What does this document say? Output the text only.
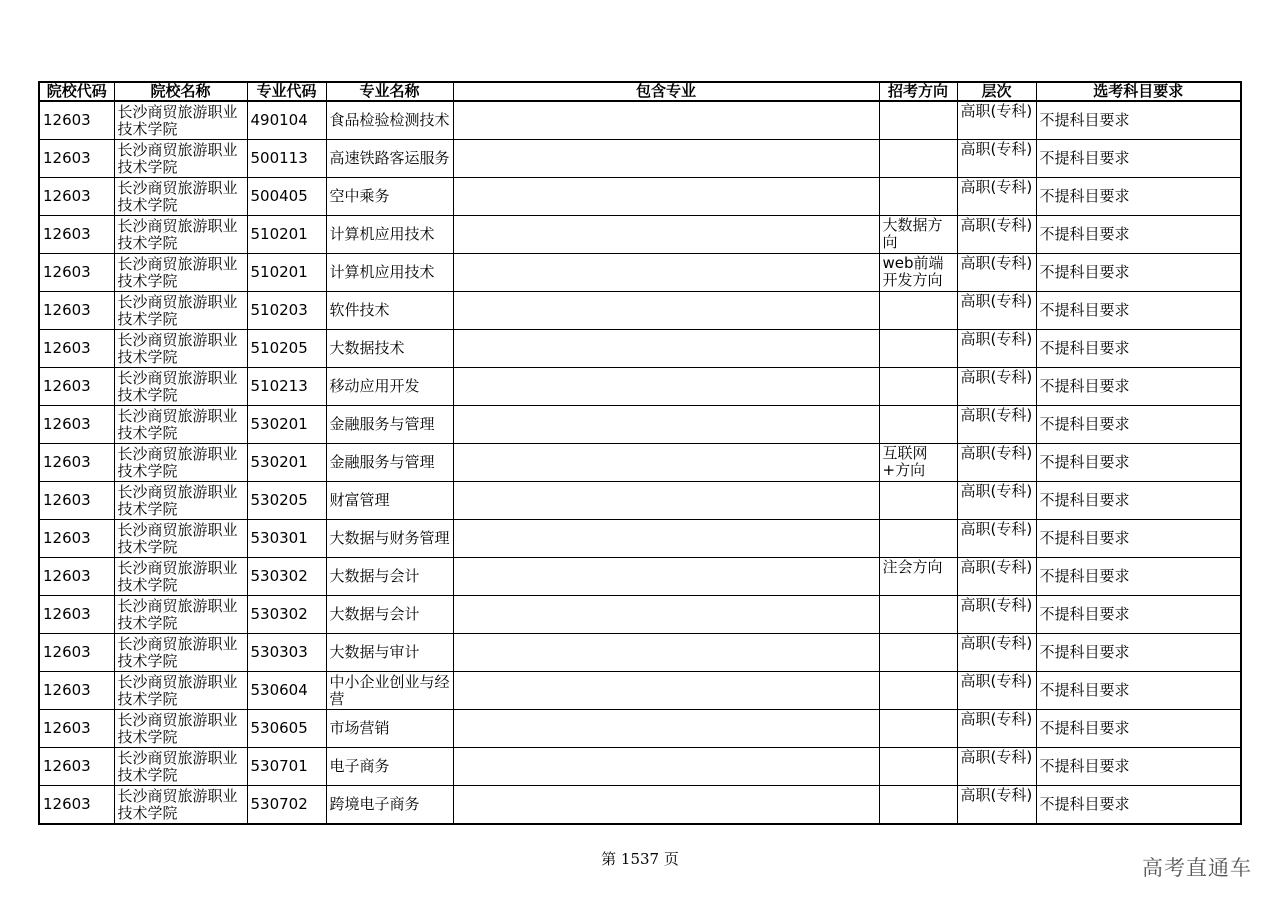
院校代码	院校名称	专业代码	专业名称	包含专业	招考方向	层次	选考科目要求
12603	长沙商贸旅游职业技术学院	490104	食品检验检测技术			高职(专科)	不提科目要求
12603	长沙商贸旅游职业技术学院	500113	高速铁路客运服务			高职(专科)	不提科目要求
12603	长沙商贸旅游职业技术学院	500405	空中乘务			高职(专科)	不提科目要求
12603	长沙商贸旅游职业技术学院	510201	计算机应用技术		大数据方向	高职(专科)	不提科目要求
12603	长沙商贸旅游职业技术学院	510201	计算机应用技术		web前端开发方向	高职(专科)	不提科目要求
12603	长沙商贸旅游职业技术学院	510203	软件技术			高职(专科)	不提科目要求
12603	长沙商贸旅游职业技术学院	510205	大数据技术			高职(专科)	不提科目要求
12603	长沙商贸旅游职业技术学院	510213	移动应用开发			高职(专科)	不提科目要求
12603	长沙商贸旅游职业技术学院	530201	金融服务与管理			高职(专科)	不提科目要求
12603	长沙商贸旅游职业技术学院	530201	金融服务与管理		互联网+方向	高职(专科)	不提科目要求
12603	长沙商贸旅游职业技术学院	530205	财富管理			高职(专科)	不提科目要求
12603	长沙商贸旅游职业技术学院	530301	大数据与财务管理			高职(专科)	不提科目要求
12603	长沙商贸旅游职业技术学院	530302	大数据与会计		注会方向	高职(专科)	不提科目要求
12603	长沙商贸旅游职业技术学院	530302	大数据与会计			高职(专科)	不提科目要求
12603	长沙商贸旅游职业技术学院	530303	大数据与审计			高职(专科)	不提科目要求
12603	长沙商贸旅游职业技术学院	530604	中小企业创业与经营			高职(专科)	不提科目要求
12603	长沙商贸旅游职业技术学院	530605	市场营销			高职(专科)	不提科目要求
12603	长沙商贸旅游职业技术学院	530701	电子商务			高职(专科)	不提科目要求
12603	长沙商贸旅游职业技术学院	530702	跨境电子商务			高职(专科)	不提科目要求
第 1537 页	高考直通车
